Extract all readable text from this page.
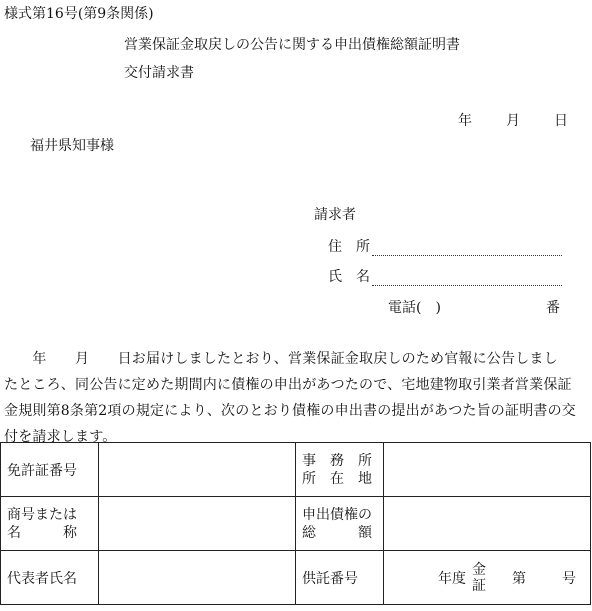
様式第16号(第9条関係)
営業保証金取戻しの公告に関する申出債権総額証明書
交付請求書
年 月 日
福井県知事様
請求者
住　所
氏　名
電話(　)	番
　　年　　月　　日お届けしましたとおり、営業保証金取戻しのため官報に公告しまし
たところ、同公告に定めた期間内に債権の申出があつたので、宅地建物取引業者営業保証
金規則第8条第2項の規定により、次のとおり債権の申出書の提出があつた旨の証明書の交
付を請求します。
免許証番号		事　務　所
所　在　地	

商号または
名　　　称		申出債権の
総　　　額	

代表者氏名		供託番号	年度
金
証 第 号
